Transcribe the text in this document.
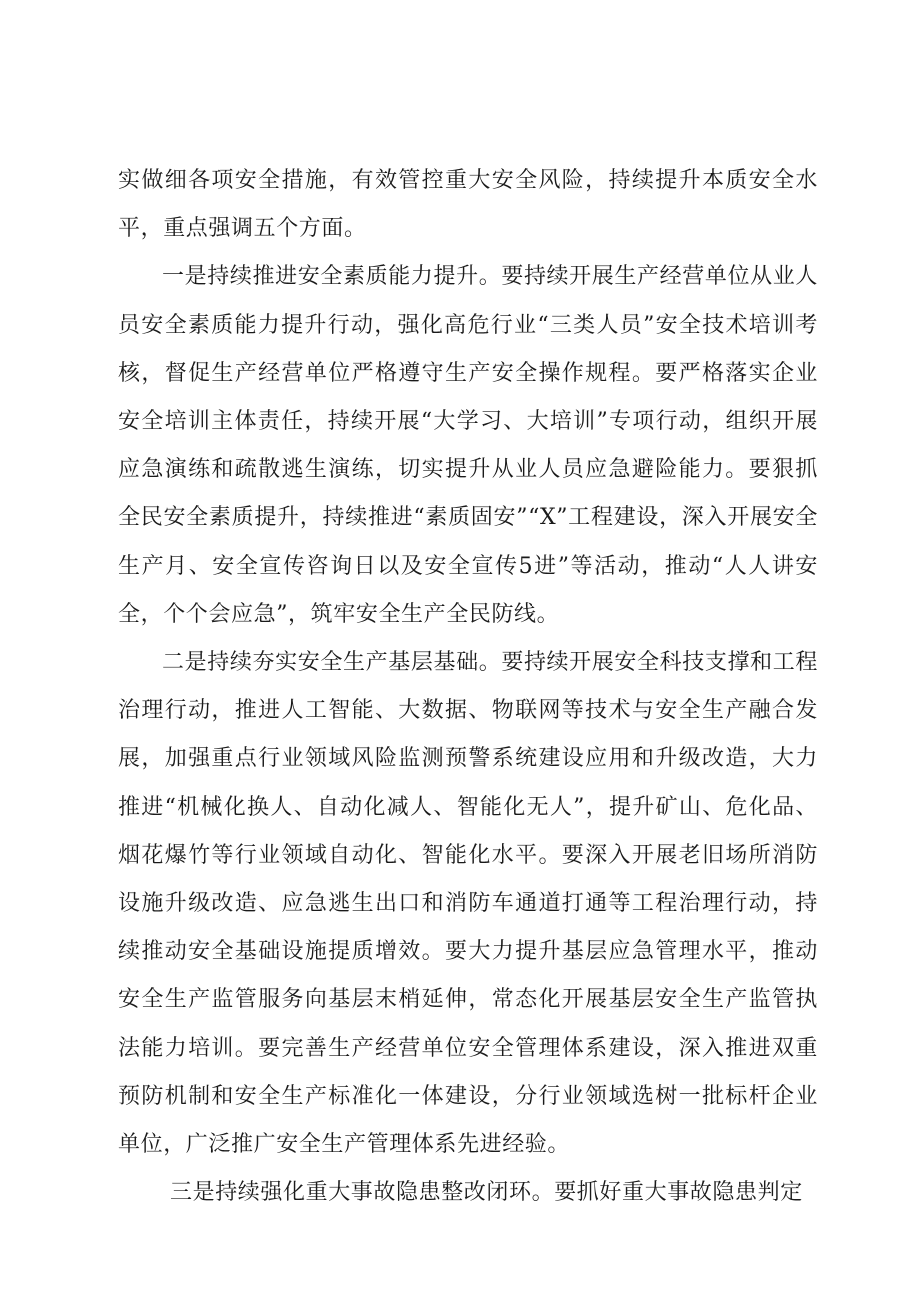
实做细各项安全措施，有效管控重大安全风险，持续提升本质安全水平，重点强调五个方面。

一是持续推进安全素质能力提升。要持续开展生产经营单位从业人员安全素质能力提升行动，强化高危行业“三类人员”安全技术培训考核，督促生产经营单位严格遵守生产安全操作规程。要严格落实企业安全培训主体责任，持续开展“大学习、大培训”专项行动，组织开展应急演练和疏散逃生演练，切实提升从业人员应急避险能力。要狠抓全民安全素质提升，持续推进“素质固安”“X”工程建设，深入开展安全生产月、安全宣传咨询日以及安全宣传5进”等活动，推动“人人讲安全，个个会应急”，筑牢安全生产全民防线。

二是持续夯实安全生产基层基础。要持续开展安全科技支撑和工程治理行动，推进人工智能、大数据、物联网等技术与安全生产融合发展，加强重点行业领域风险监测预警系统建设应用和升级改造，大力推进“机械化换人、自动化减人、智能化无人”，提升矿山、危化品、烟花爆竹等行业领域自动化、智能化水平。要深入开展老旧场所消防设施升级改造、应急逃生出口和消防车通道打通等工程治理行动，持续推动安全基础设施提质增效。要大力提升基层应急管理水平，推动安全生产监管服务向基层末梢延伸，常态化开展基层安全生产监管执法能力培训。要完善生产经营单位安全管理体系建设，深入推进双重预防机制和安全生产标准化一体建设，分行业领域选树一批标杆企业单位，广泛推广安全生产管理体系先进经验。

三是持续强化重大事故隐患整改闭环。要抓好重大事故隐患判定
